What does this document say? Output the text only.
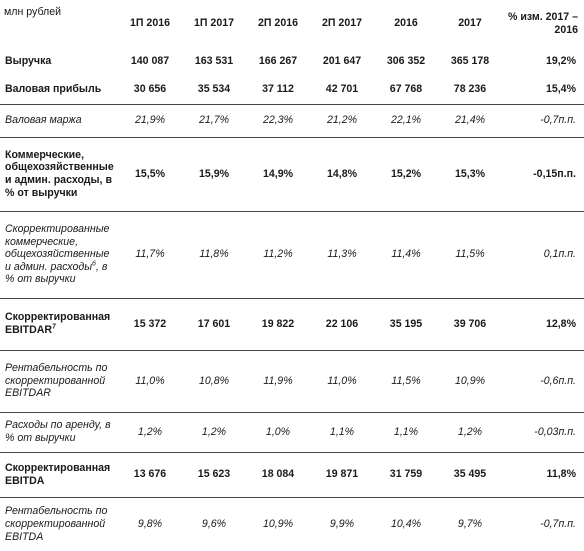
млн рублей	1П 2016	1П 2017	2П 2016	2П 2017	2016	2017	% изм. 2017 – 2016
Выручка	140 087	163 531	166 267	201 647	306 352	365 178	19,2%
Валовая прибыль	30 656	35 534	37 112	42 701	67 768	78 236	15,4%
Валовая маржа	21,9%	21,7%	22,3%	21,2%	22,1%	21,4%	-0,7п.п.
Коммерческие, общехозяйственные и админ. расходы, в % от выручки	15,5%	15,9%	14,9%	14,8%	15,2%	15,3%	-0,15п.п.
Скорректированные коммерческие, общехозяйственные и админ. расходы$^6$, в % от выручки	11,7%	11,8%	11,2%	11,3%	11,4%	11,5%	0,1п.п.
Скорректированная EBITDAR$^7$	15 372	17 601	19 822	22 106	35 195	39 706	12,8%
Рентабельность по скорректированной EBITDAR	11,0%	10,8%	11,9%	11,0%	11,5%	10,9%	-0,6п.п.
Расходы по аренду, в % от выручки	1,2%	1,2%	1,0%	1,1%	1,1%	1,2%	-0,03п.п.
Скорректированная EBITDA	13 676	15 623	18 084	19 871	31 759	35 495	11,8%
Рентабельность по скорректированной EBITDA	9,8%	9,6%	10,9%	9,9%	10,4%	9,7%	-0,7п.п.
